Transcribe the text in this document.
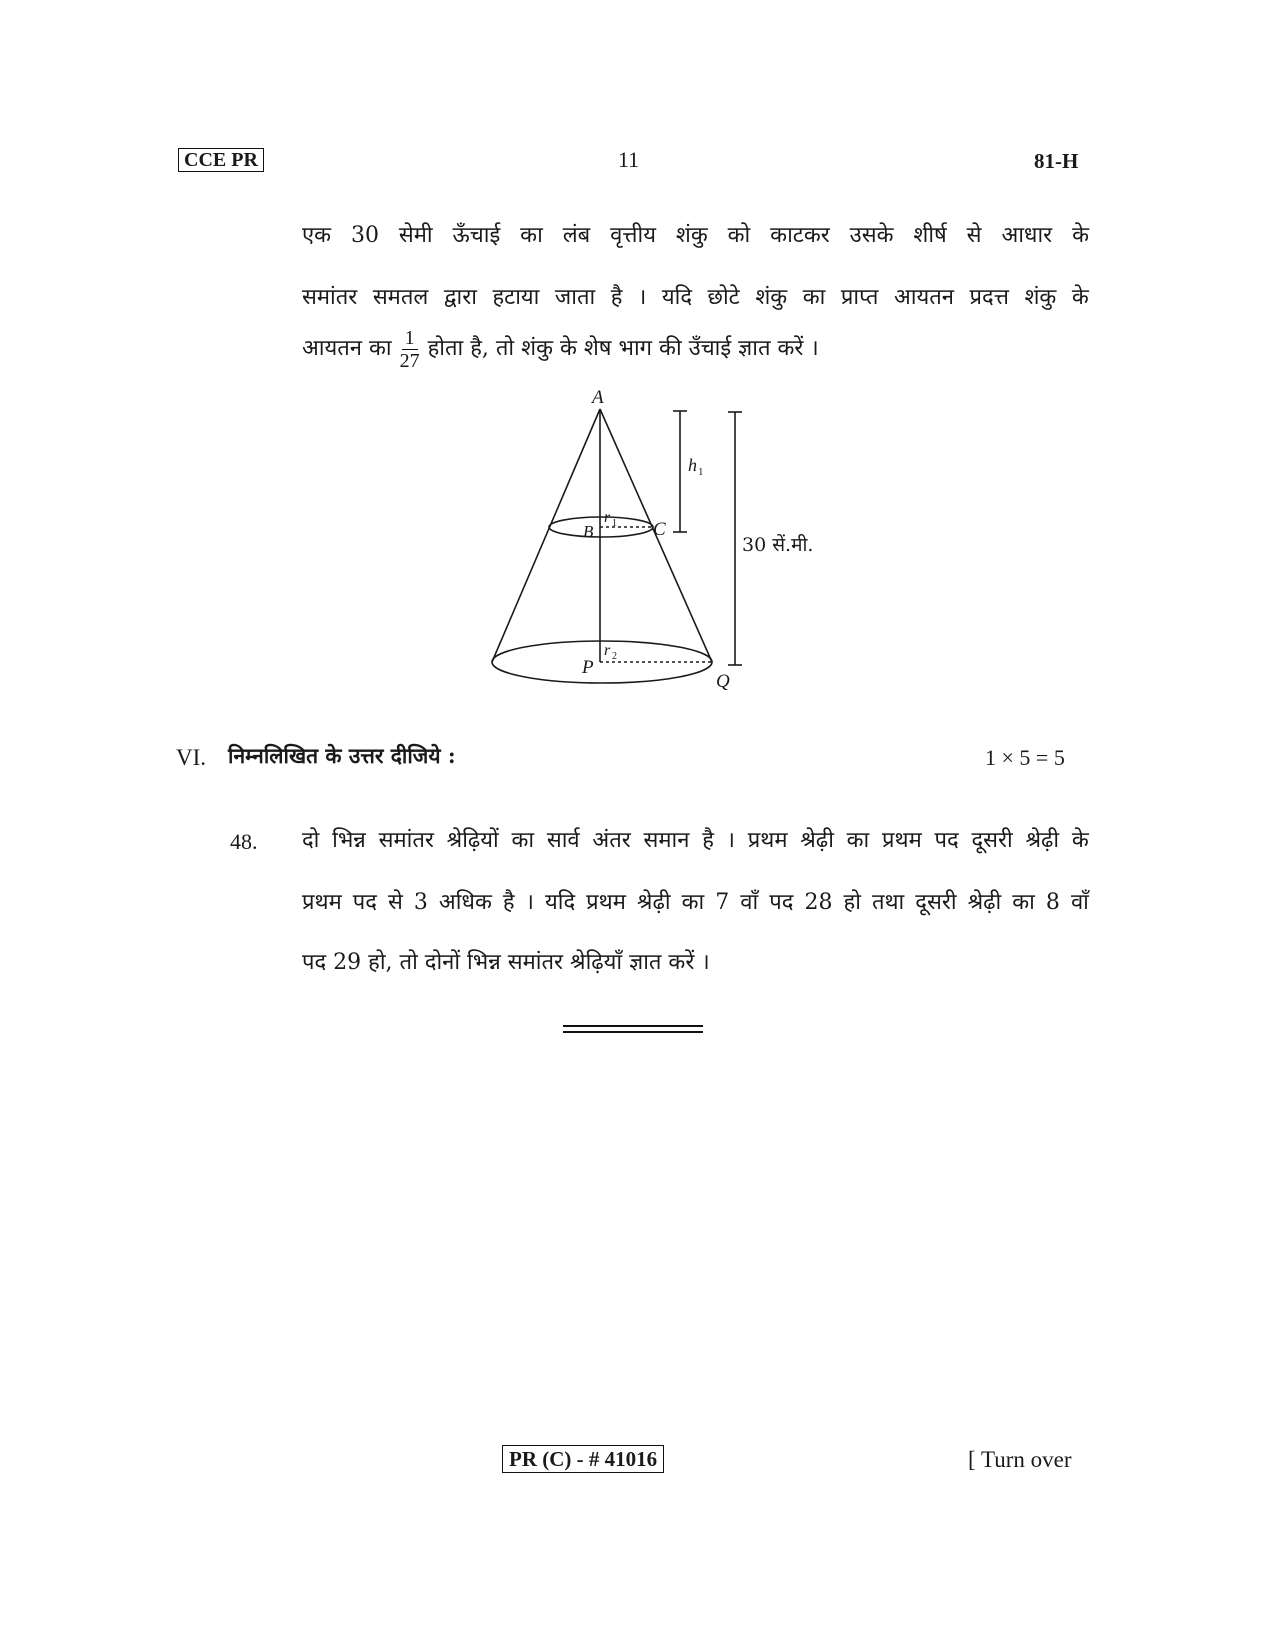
CCE PR	11	81-H
एक 30 सेमी ऊँचाई का लंब वृत्तीय शंकु को काटकर उसके शीर्ष से आधार के
समांतर समतल द्वारा हटाया जाता है । यदि छोटे शंकु का प्राप्त आयतन प्रदत्त शंकु के
आयतन का $\frac{1}{27}$ होता है, तो शंकु के शेष भाग की उँचाई ज्ञात करें ।
A
B	C
P
Q
r 1
r 2
h 1
30 सें.मी.
VI. निम्नलिखित के उत्तर दीजिये :	1 × 5 = 5
48. दो भिन्न समांतर श्रेढ़ियों का सार्व अंतर समान है । प्रथम श्रेढ़ी का प्रथम पद दूसरी श्रेढ़ी के
प्रथम पद से 3 अधिक है । यदि प्रथम श्रेढ़ी का 7 वाँ पद 28 हो तथा दूसरी श्रेढ़ी का 8 वाँ
पद 29 हो, तो दोनों भिन्न समांतर श्रेढ़ियाँ ज्ञात करें ।
PR (C) - # 41016	[ Turn over
